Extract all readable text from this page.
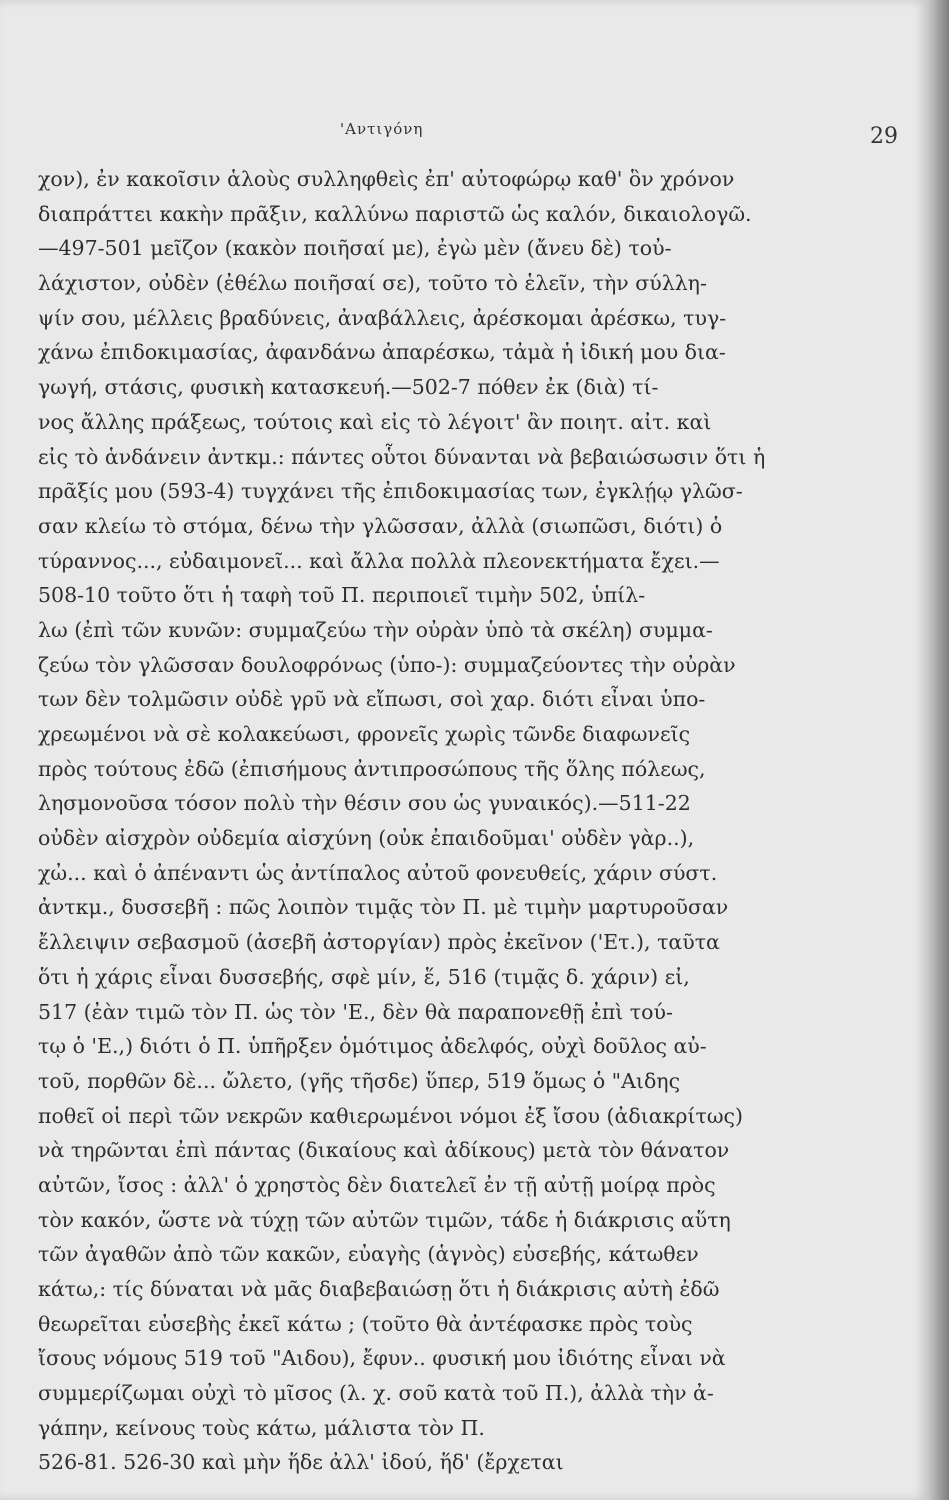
'Αντιγόνη	29
χον), ἐν κακοῖσιν ἁλοὺς συλληφθεὶς ἐπ' αὐτοφώρῳ καθ' ὃν χρόνον
διαπράττει κακὴν πρᾶξιν, καλλύνω παριστῶ ὡς καλόν, δικαιολογῶ.
—497-501 μεῖζον (κακὸν ποιῆσαί με), ἐγὼ μὲν (ἄνευ δὲ) τοὐ-
λάχιστον, οὐδὲν (ἐθέλω ποιῆσαί σε), τοῦτο τὸ ἑλεῖν, τὴν σύλλη-
ψίν σου, μέλλεις βραδύνεις, ἀναβάλλεις, ἀρέσκομαι ἀρέσκω, τυγ-
χάνω ἐπιδοκιμασίας, ἀφανδάνω ἀπαρέσκω, τἀμὰ ἡ ἰδική μου δια-
γωγή, στάσις, φυσικὴ κατασκευή.—502-7 πόθεν ἐκ (διὰ) τί-
νος ἄλλης πράξεως, τούτοις καὶ εἰς τὸ λέγοιτ' ἂν ποιητ. αἰτ. καὶ
εἰς τὸ ἁνδάνειν ἀντκμ.: πάντες οὗτοι δύνανται νὰ βεβαιώσωσιν ὅτι ἡ
πρᾶξίς μου (593-4) τυγχάνει τῆς ἐπιδοκιμασίας των, ἐγκλῄῳ γλῶσ-
σαν κλείω τὸ στόμα, δένω τὴν γλῶσσαν, ἀλλὰ (σιωπῶσι, διότι) ὁ
τύραννος..., εὐδαιμονεῖ... καὶ ἄλλα πολλὰ πλεονεκτήματα ἔχει.—
508-10 τοῦτο ὅτι ἡ ταφὴ τοῦ Π. περιποιεῖ τιμὴν 502, ὑπίλ-
λω (ἐπὶ τῶν κυνῶν: συμμαζεύω τὴν οὐρὰν ὑπὸ τὰ σκέλη) συμμα-
ζεύω τὸν γλῶσσαν δουλοφρόνως (ὑπο-): συμμαζεύοντες τὴν οὐρὰν
των δὲν τολμῶσιν οὐδὲ γρῦ νὰ εἴπωσι, σοὶ χαρ. διότι εἶναι ὑπο-
χρεωμένοι νὰ σὲ κολακεύωσι, φρονεῖς χωρὶς τῶνδε διαφωνεῖς
πρὸς τούτους ἐδῶ (ἐπισήμους ἀντιπροσώπους τῆς ὅλης πόλεως,
λησμονοῦσα τόσον πολὺ τὴν θέσιν σου ὡς γυναικός).—511-22
οὐδὲν αἰσχρὸν οὐδεμία αἰσχύνη (οὐκ ἐπαιδοῦμαι' οὐδὲν γὰρ..),
χὠ... καὶ ὁ ἀπέναντι ὡς ἀντίπαλος αὐτοῦ φονευθείς, χάριν σύστ.
ἀντκμ., δυσσεβῆ : πῶς λοιπὸν τιμᾷς τὸν Π. μὲ τιμὴν μαρτυροῦσαν
ἔλλειψιν σεβασμοῦ (ἀσεβῆ ἀστοργίαν) πρὸς ἐκεῖνον ('Ετ.), ταῦτα
ὅτι ἡ χάρις εἶναι δυσσεβής, σφὲ μίν, ἕ, 516 (τιμᾷς δ. χάριν) εἰ,
517 (ἐὰν τιμῶ τὸν Π. ὡς τὸν 'Ε., δὲν θὰ παραπονεθῇ ἐπὶ τού-
τῳ ὁ 'Ε.,) διότι ὁ Π. ὑπῆρξεν ὁμότιμος ἀδελφός, οὐχὶ δοῦλος αὐ-
τοῦ, πορθῶν δὲ... ὤλετο, (γῆς τῆσδε) ὕπερ, 519 ὅμως ὁ "Αιδης
ποθεῖ οἱ περὶ τῶν νεκρῶν καθιερωμένοι νόμοι ἐξ ἴσου (ἀδιακρίτως)
νὰ τηρῶνται ἐπὶ πάντας (δικαίους καὶ ἀδίκους) μετὰ τὸν θάνατον
αὐτῶν, ἴσος : ἀλλ' ὁ χρηστὸς δὲν διατελεῖ ἐν τῇ αὐτῇ μοίρᾳ πρὸς
τὸν κακόν, ὥστε νὰ τύχῃ τῶν αὐτῶν τιμῶν, τάδε ἡ διάκρισις αὕτη
τῶν ἀγαθῶν ἀπὸ τῶν κακῶν, εὐαγὴς (ἁγνὸς) εὐσεβής, κάτωθεν
κάτω,: τίς δύναται νὰ μᾶς διαβεβαιώσῃ ὅτι ἡ διάκρισις αὐτὴ ἐδῶ
θεωρεῖται εὐσεβὴς ἐκεῖ κάτω ; (τοῦτο θὰ ἀντέφασκε πρὸς τοὺς
ἴσους νόμους 519 τοῦ "Αιδου), ἔφυν.. φυσική μου ἰδιότης εἶναι νὰ
συμμερίζωμαι οὐχὶ τὸ μῖσος (λ. χ. σοῦ κατὰ τοῦ Π.), ἀλλὰ τὴν ἀ-
γάπην, κείνους τοὺς κάτω, μάλιστα τὸν Π.
526-81. 526-30 καὶ μὴν ἥδε ἀλλ' ἰδού, ἥδ' (ἔρχεται
